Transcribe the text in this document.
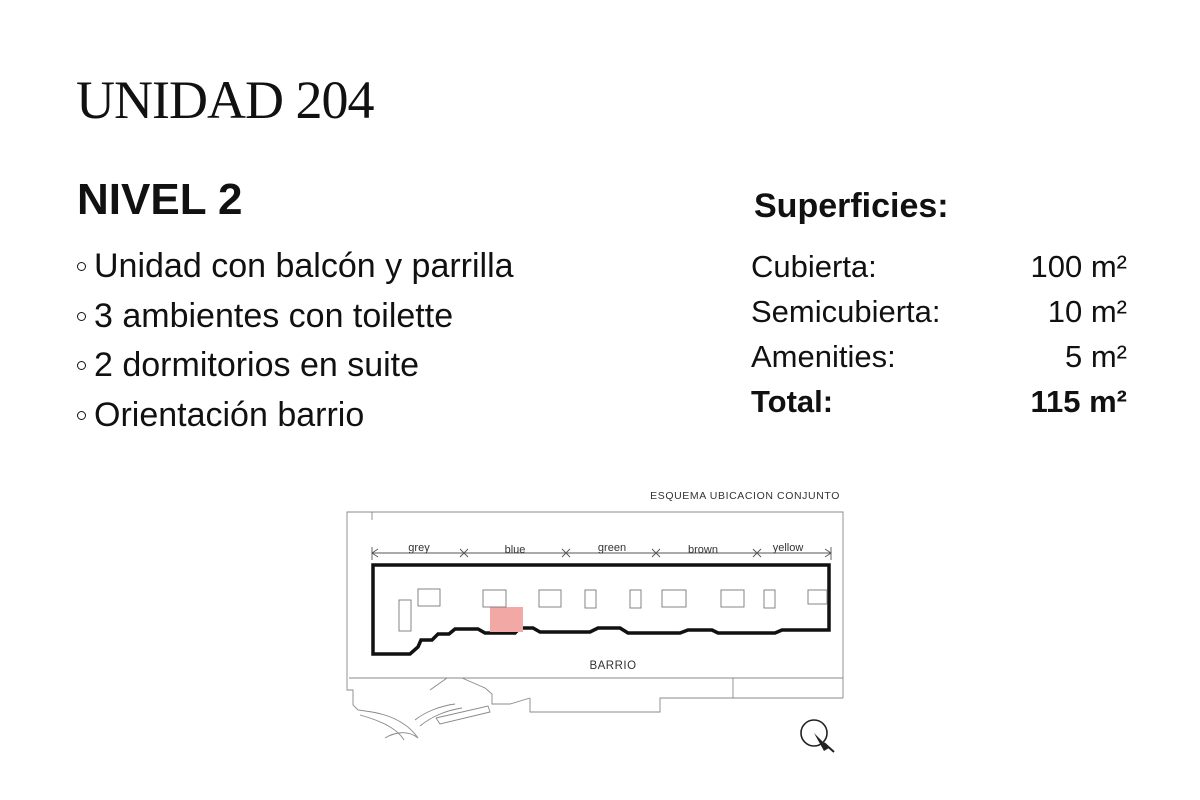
UNIDAD 204
NIVEL 2
Unidad con balcón y parrilla
3 ambientes con toilette
2 dormitorios en suite
Orientación barrio
Superficies:
Cubierta:	100 m²
Semicubierta:	10 m²
Amenities:	5 m²
Total:	115 m²
ESQUEMA UBICACION CONJUNTO
grey	blue	green	brown	yellow
BARRIO
